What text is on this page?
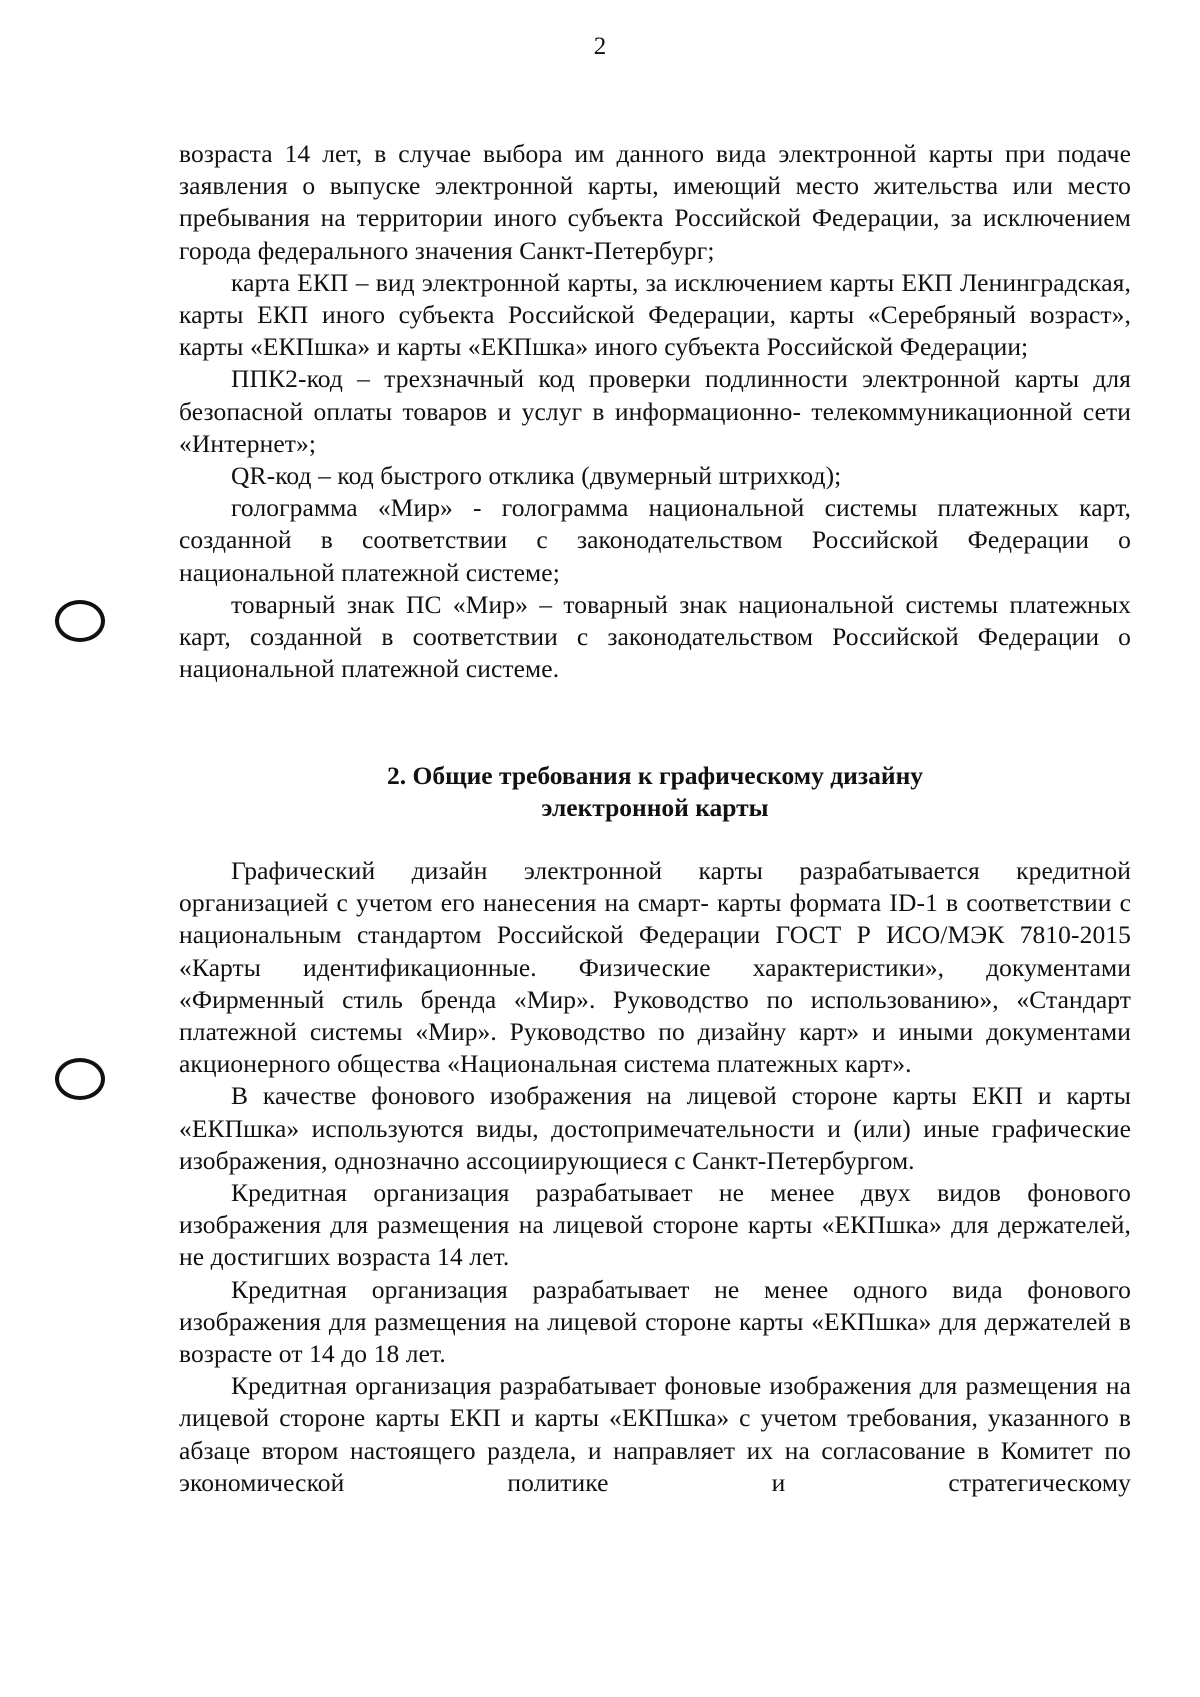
2

возраста 14 лет, в случае выбора им данного вида электронной карты при подаче заявления о выпуске электронной карты, имеющий место жительства или место пребывания на территории иного субъекта Российской Федерации, за исключением города федерального значения Санкт-Петербург;

карта ЕКП – вид электронной карты, за исключением карты ЕКП Ленинградская, карты ЕКП иного субъекта Российской Федерации, карты «Серебряный возраст», карты «ЕКПшка» и карты «ЕКПшка» иного субъекта Российской Федерации;

ППК2-код – трехзначный код проверки подлинности электронной карты для безопасной оплаты товаров и услуг в информационно- телекоммуникационной сети «Интернет»;

QR-код – код быстрого отклика (двумерный штрихкод);

голограмма «Мир» - голограмма национальной системы платежных карт, созданной в соответствии с законодательством Российской Федерации о национальной платежной системе;

товарный знак ПС «Мир» – товарный знак национальной системы платежных карт, созданной в соответствии с законодательством Российской Федерации о национальной платежной системе.

2. Общие требования к графическому дизайну
электронной карты

Графический дизайн электронной карты разрабатывается кредитной организацией с учетом его нанесения на смарт- карты формата ID-1 в соответствии с национальным стандартом Российской Федерации ГОСТ Р ИСО/МЭК 7810-2015 «Карты идентификационные. Физические характеристики», документами «Фирменный стиль бренда «Мир». Руководство по использованию», «Стандарт платежной системы «Мир». Руководство по дизайну карт» и иными документами акционерного общества «Национальная система платежных карт».

В качестве фонового изображения на лицевой стороне карты ЕКП и карты «ЕКПшка» используются виды, достопримечательности и (или) иные графические изображения, однозначно ассоциирующиеся с Санкт-Петербургом.

Кредитная организация разрабатывает не менее двух видов фонового изображения для размещения на лицевой стороне карты «ЕКПшка» для держателей, не достигших возраста 14 лет.

Кредитная организация разрабатывает не менее одного вида фонового изображения для размещения на лицевой стороне карты «ЕКПшка» для держателей в возрасте от 14 до 18 лет.

Кредитная организация разрабатывает фоновые изображения для размещения на лицевой стороне карты ЕКП и карты «ЕКПшка» с учетом требования, указанного в абзаце втором настоящего раздела, и направляет их на согласование в Комитет по экономической политике и стратегическому
